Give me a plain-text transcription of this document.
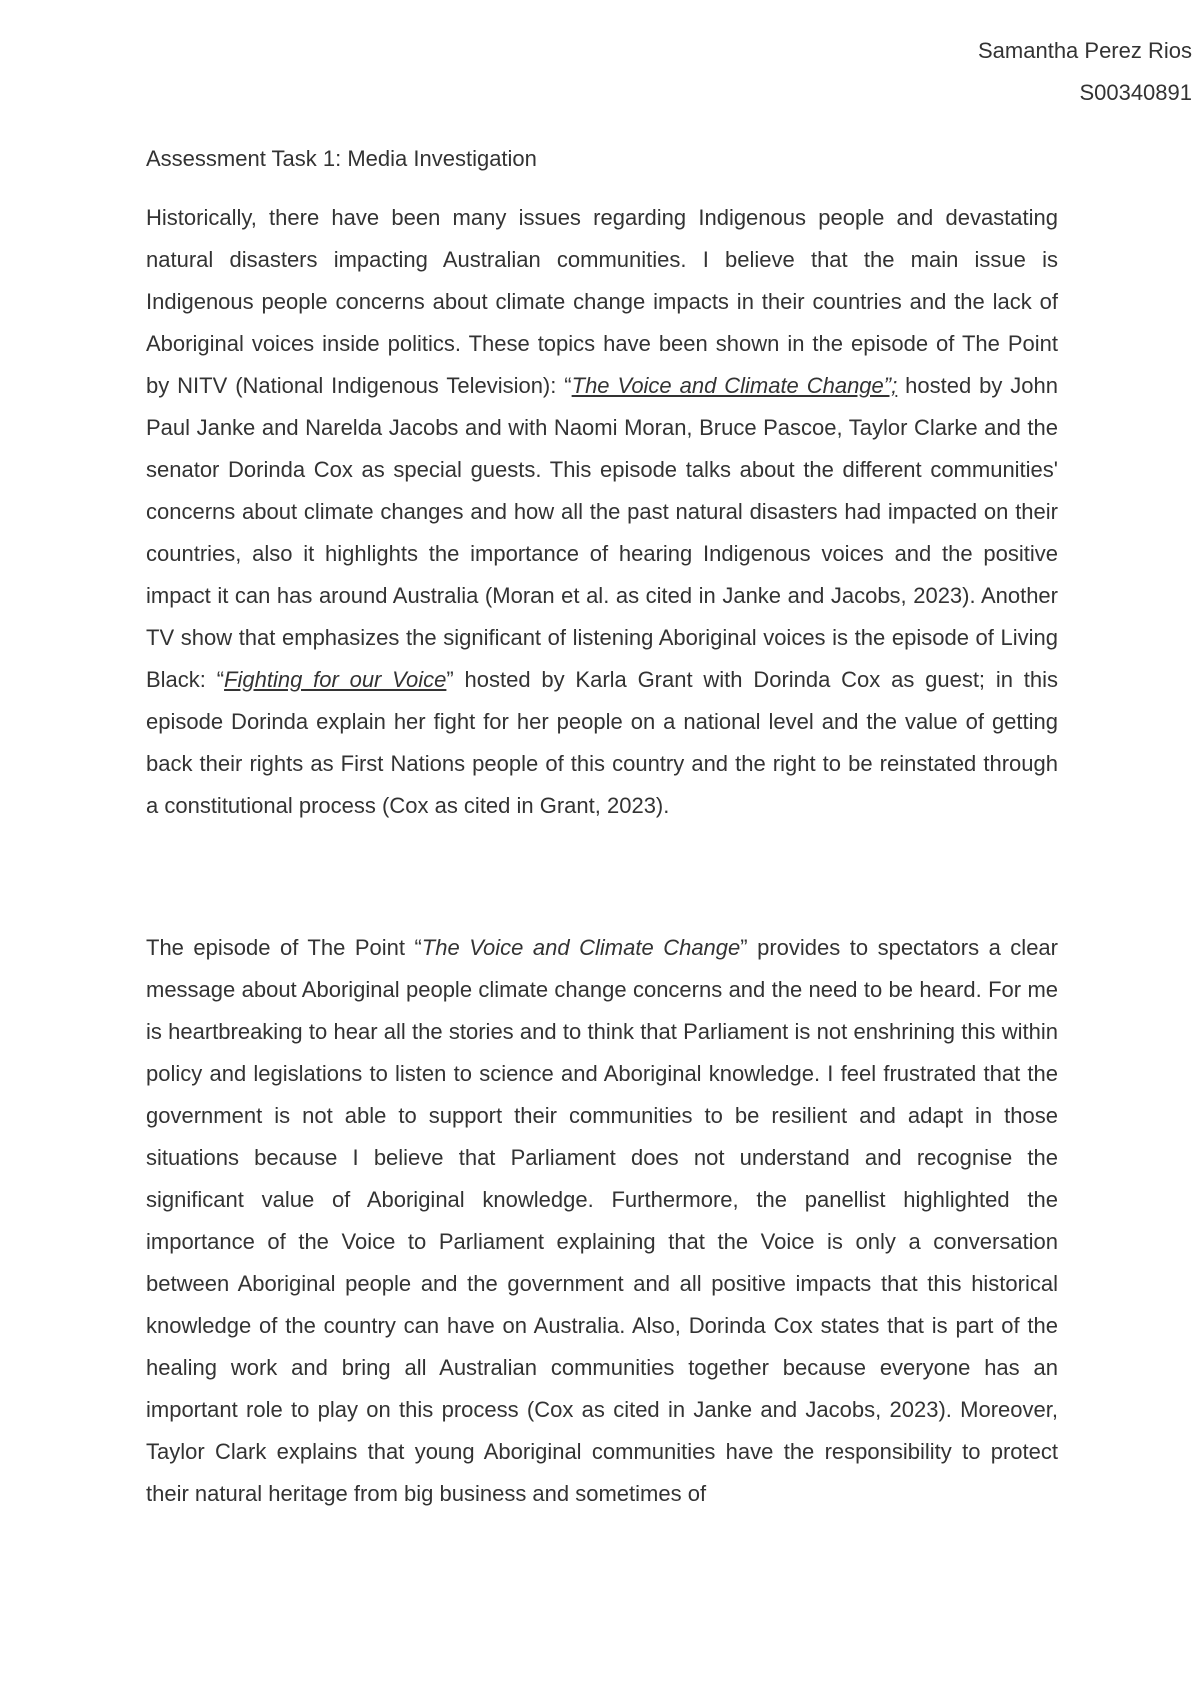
Samantha Perez Rios
S00340891
Assessment Task 1: Media Investigation

Historically, there have been many issues regarding Indigenous people and devastating natural disasters impacting Australian communities. I believe that the main issue is Indigenous people concerns about climate change impacts in their countries and the lack of Aboriginal voices inside politics. These topics have been shown in the episode of The Point by NITV (National Indigenous Television): “The Voice and Climate Change”; hosted by John Paul Janke and Narelda Jacobs and with Naomi Moran, Bruce Pascoe, Taylor Clarke and the senator Dorinda Cox as special guests. This episode talks about the different communities' concerns about climate changes and how all the past natural disasters had impacted on their countries, also it highlights the importance of hearing Indigenous voices and the positive impact it can has around Australia (Moran et al. as cited in Janke and Jacobs, 2023). Another TV show that emphasizes the significant of listening Aboriginal voices is the episode of Living Black: “Fighting for our Voice” hosted by Karla Grant with Dorinda Cox as guest; in this episode Dorinda explain her fight for her people on a national level and the value of getting back their rights as First Nations people of this country and the right to be reinstated through a constitutional process (Cox as cited in Grant, 2023).

The episode of The Point “The Voice and Climate Change” provides to spectators a clear message about Aboriginal people climate change concerns and the need to be heard. For me is heartbreaking to hear all the stories and to think that Parliament is not enshrining this within policy and legislations to listen to science and Aboriginal knowledge. I feel frustrated that the government is not able to support their communities to be resilient and adapt in those situations because I believe that Parliament does not understand and recognise the significant value of Aboriginal knowledge. Furthermore, the panellist highlighted the importance of the Voice to Parliament explaining that the Voice is only a conversation between Aboriginal people and the government and all positive impacts that this historical knowledge of the country can have on Australia. Also, Dorinda Cox states that is part of the healing work and bring all Australian communities together because everyone has an important role to play on this process (Cox as cited in Janke and Jacobs, 2023). Moreover, Taylor Clark explains that young Aboriginal communities have the responsibility to protect their natural heritage from big business and sometimes of
